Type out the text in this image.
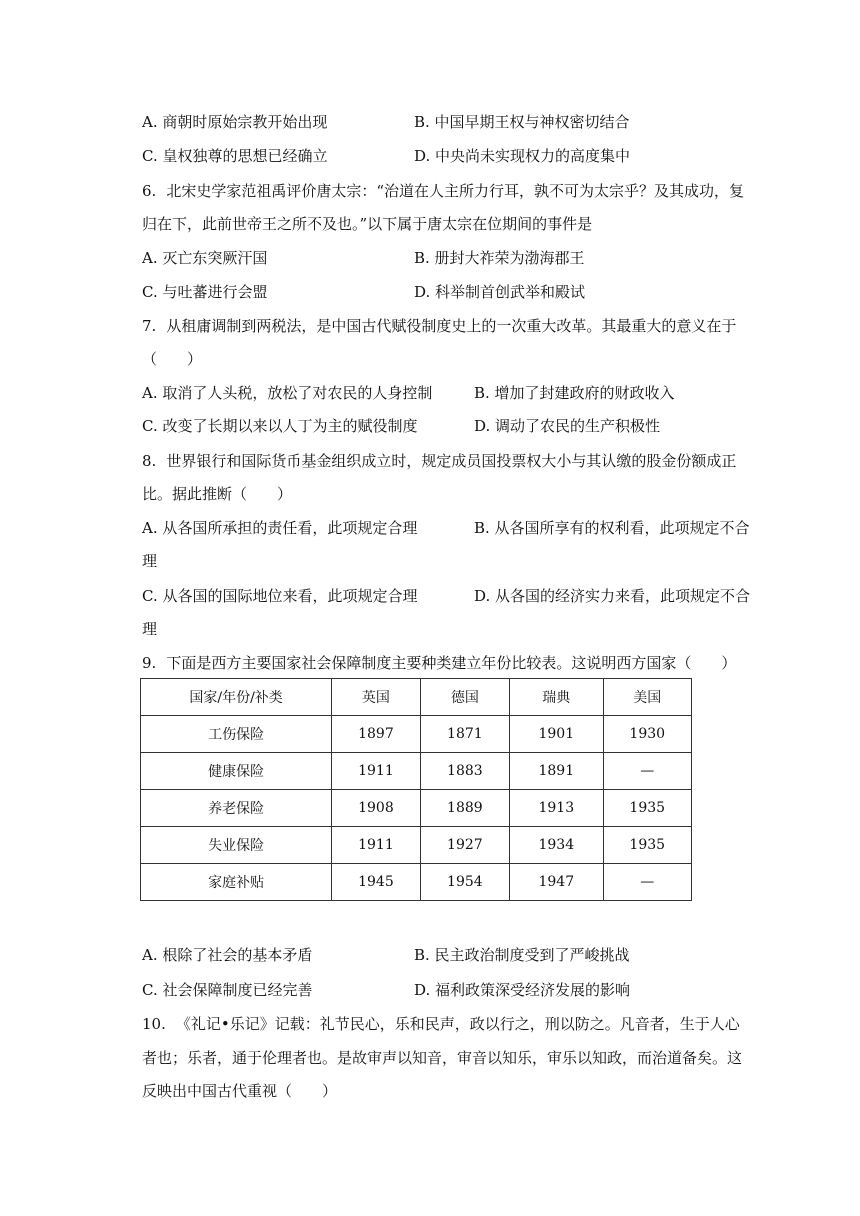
A. 商朝时原始宗教开始出现	B. 中国早期王权与神权密切结合
C. 皇权独尊的思想已经确立	D. 中央尚未实现权力的高度集中
6. 北宋史学家范祖禹评价唐太宗：“治道在人主所力行耳，孰不可为太宗乎？及其成功，复
归在下，此前世帝王之所不及也。”以下属于唐太宗在位期间的事件是
A. 灭亡东突厥汗国	B. 册封大祚荣为渤海郡王
C. 与吐蕃进行会盟	D. 科举制首创武举和殿试
7. 从租庸调制到两税法，是中国古代赋役制度史上的一次重大改革。其最重大的意义在于
（　　）
A. 取消了人头税，放松了对农民的人身控制	B. 增加了封建政府的财政收入
C. 改变了长期以来以人丁为主的赋役制度	D. 调动了农民的生产积极性
8. 世界银行和国际货币基金组织成立时，规定成员国投票权大小与其认缴的股金份额成正
比。据此推断（　　）
A. 从各国所承担的责任看，此项规定合理	B. 从各国所享有的权利看，此项规定不合
理
C. 从各国的国际地位来看，此项规定合理	D. 从各国的经济实力来看，此项规定不合
理
9. 下面是西方主要国家社会保障制度主要种类建立年份比较表。这说明西方国家（　　）
国家/年份/补类	英国	德国	瑞典	美国
工伤保险	1897	1871	1901	1930
健康保险	1911	1883	1891	—
养老保险	1908	1889	1913	1935
失业保险	1911	1927	1934	1935
家庭补贴	1945	1954	1947	—
A. 根除了社会的基本矛盾	B. 民主政治制度受到了严峻挑战
C. 社会保障制度已经完善	D. 福利政策深受经济发展的影响
10. 《礼记•乐记》记载：礼节民心，乐和民声，政以行之，刑以防之。凡音者，生于人心
者也；乐者，通于伦理者也。是故审声以知音，审音以知乐，审乐以知政，而治道备矣。这
反映出中国古代重视（　　）
